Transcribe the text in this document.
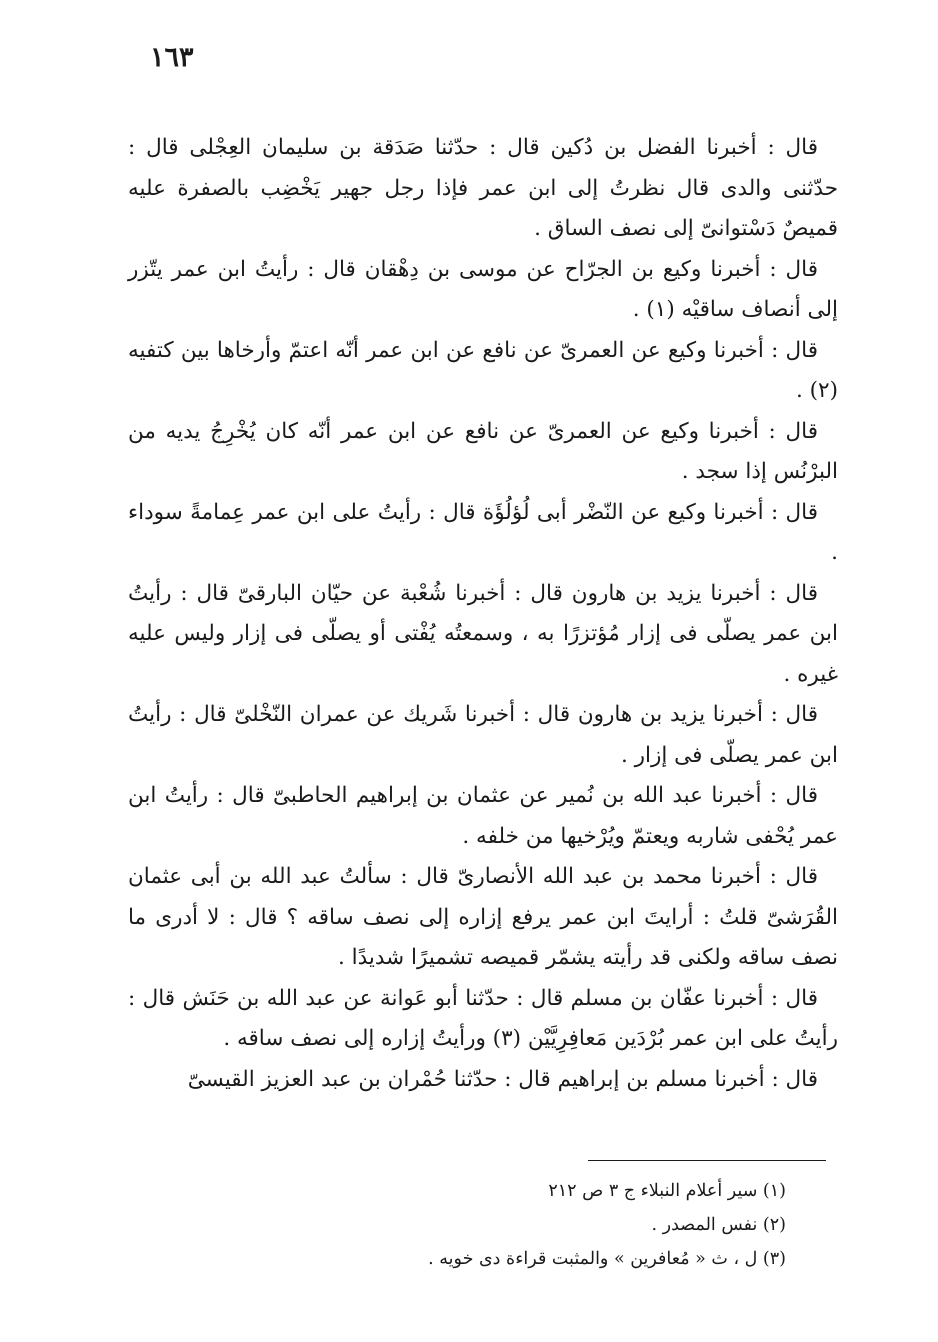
١٦٣

قال : أخبرنا الفضل بن دُكين قال : حدّثنا صَدَقة بن سليمان العِجْلى قال : حدّثنى والدى قال نظرتُ إلى ابن عمر فإذا رجل جهير يَخْضِب بالصفرة عليه قميصٌ دَسْتوانىّ إلى نصف الساق .

قال : أخبرنا وكيع بن الجرّاح عن موسى بن دِهْقان قال : رأيتُ ابن عمر يتّزر إلى أنصاف ساقيْه (١) .

قال : أخبرنا وكيع عن العمرىّ عن نافع عن ابن عمر أنّه اعتمّ وأرخاها بين كتفيه (٢) .

قال : أخبرنا وكيع عن العمرىّ عن نافع عن ابن عمر أنّه كان يُخْرِجُ يديه من البرْنُس إذا سجد .

قال : أخبرنا وكيع عن النّضْر أبى لُؤلُؤَة قال : رأيتُ على ابن عمر عِمامةً سوداء .

قال : أخبرنا يزيد بن هارون قال : أخبرنا شُعْبة عن حيّان البارقىّ قال : رأيتُ ابن عمر يصلّى فى إزار مُؤتزرًا به ، وسمعتُه يُفْتى أو يصلّى فى إزار وليس عليه غيره .

قال : أخبرنا يزيد بن هارون قال : أخبرنا شَريك عن عمران النّخْلىّ قال : رأيتُ ابن عمر يصلّى فى إزار .

قال : أخبرنا عبد الله بن نُمير عن عثمان بن إبراهيم الحاطبىّ قال : رأيتُ ابن عمر يُحْفى شاربه ويعتمّ ويُرْخيها من خلفه .

قال : أخبرنا محمد بن عبد الله الأنصارىّ قال : سألتُ عبد الله بن أبى عثمان القُرَشىّ قلتُ : أرايتَ ابن عمر يرفع إزاره إلى نصف ساقه ؟ قال : لا أدرى ما نصف ساقه ولكنى قد رأيته يشمّر قميصه تشميرًا شديدًا .

قال : أخبرنا عفّان بن مسلم قال : حدّثنا أبو عَوانة عن عبد الله بن حَنَش قال : رأيتُ على ابن عمر بُرْدَين مَعافِرِيَّيْن (٣) ورأيتُ إزاره إلى نصف ساقه .

قال : أخبرنا مسلم بن إبراهيم قال : حدّثنا حُمْران بن عبد العزيز القيسىّ

(١) سير أعلام النبلاء ج ٣ ص ٢١٢

(٢) نفس المصدر .

(٣) ل ، ث « مُعافرين » والمثبت قراءة دى خويه .
